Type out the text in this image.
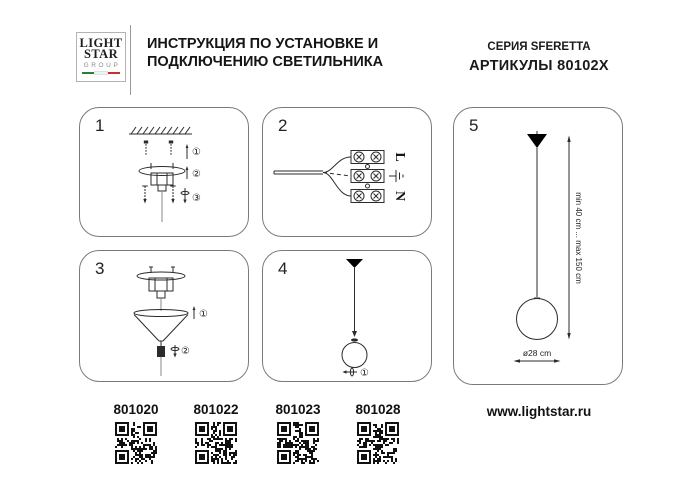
LIGHT
STAR
GROUP
ИНСТРУКЦИЯ ПО УСТАНОВКЕ И
ПОДКЛЮЧЕНИЮ СВЕТИЛЬНИКА
СЕРИЯ SFERETTA
АРТИКУЛЫ 80102X
1
①
②
③
2
L
N
3
①
②
4
①
5
min 40 cm ... max 150 cm
ø28 cm
801020	801022	801023	801028	www.lightstar.ru
